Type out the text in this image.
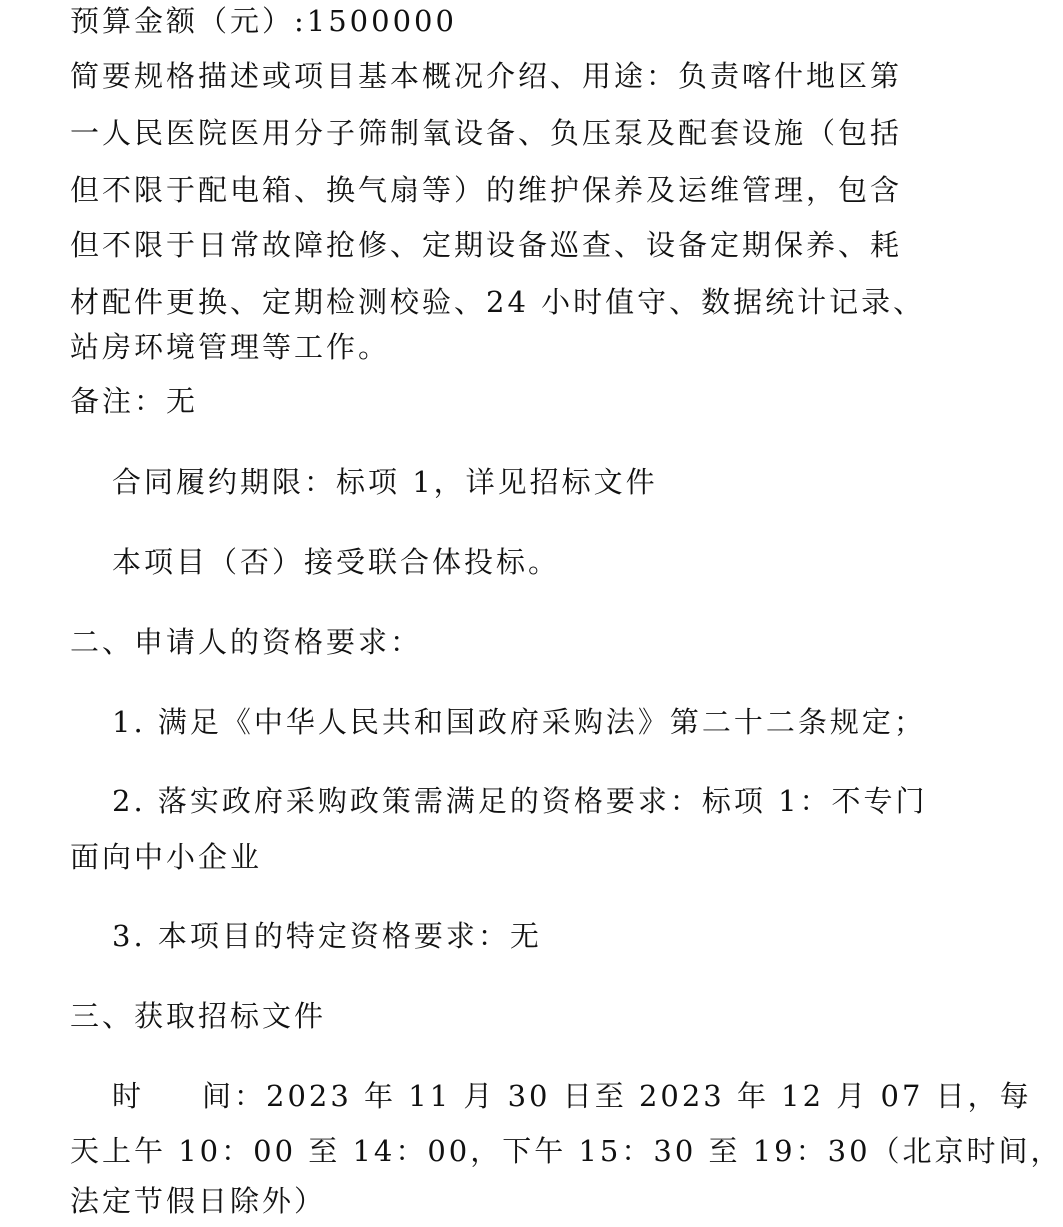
预算金额（元）:1500000
简要规格描述或项目基本概况介绍、用途：负责喀什地区第
一人民医院医用分子筛制氧设备、负压泵及配套设施（包括
但不限于配电箱、换气扇等）的维护保养及运维管理，包含
但不限于日常故障抢修、定期设备巡查、设备定期保养、耗
材配件更换、定期检测校验、24 小时值守、数据统计记录、
站房环境管理等工作。
备注：无
合同履约期限：标项 1，详见招标文件
本项目（否）接受联合体投标。
二、申请人的资格要求：
1. 满足《中华人民共和国政府采购法》第二十二条规定；
2. 落实政府采购政策需满足的资格要求：标项 1：不专门
面向中小企业
3. 本项目的特定资格要求：无
三、获取招标文件
时 间：2023 年 11 月 30 日至 2023 年 12 月 07 日，每
天上午 10：00 至 14：00，下午 15：30 至 19：30（北京时间，
法定节假日除外）
